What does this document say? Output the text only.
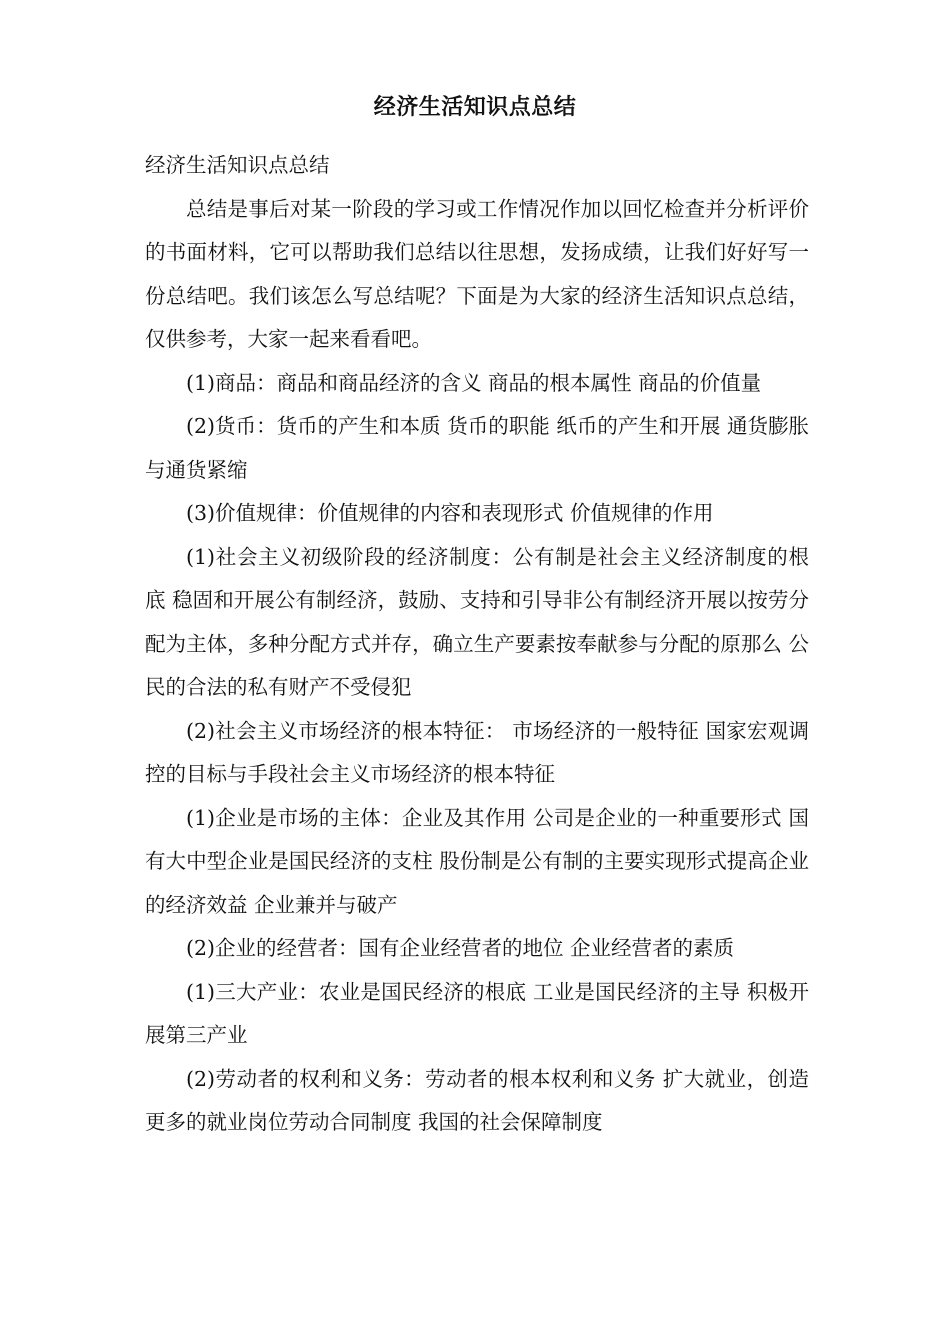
经济生活知识点总结

经济生活知识点总结

总结是事后对某一阶段的学习或工作情况作加以回忆检查并分析评价的书面材料，它可以帮助我们总结以往思想，发扬成绩，让我们好好写一份总结吧。我们该怎么写总结呢？下面是为大家的经济生活知识点总结，仅供参考，大家一起来看看吧。

(1)商品：商品和商品经济的含义 商品的根本属性 商品的价值量

(2)货币：货币的产生和本质 货币的职能 纸币的产生和开展 通货膨胀与通货紧缩

(3)价值规律：价值规律的内容和表现形式 价值规律的作用

(1)社会主义初级阶段的经济制度：公有制是社会主义经济制度的根底 稳固和开展公有制经济，鼓励、支持和引导非公有制经济开展以按劳分配为主体，多种分配方式并存，确立生产要素按奉献参与分配的原那么 公民的合法的私有财产不受侵犯

(2)社会主义市场经济的根本特征： 市场经济的一般特征 国家宏观调控的目标与手段社会主义市场经济的根本特征

(1)企业是市场的主体：企业及其作用 公司是企业的一种重要形式 国有大中型企业是国民经济的支柱 股份制是公有制的主要实现形式提高企业的经济效益 企业兼并与破产

(2)企业的经营者：国有企业经营者的地位 企业经营者的素质

(1)三大产业：农业是国民经济的根底 工业是国民经济的主导 积极开展第三产业

(2)劳动者的权利和义务：劳动者的根本权利和义务 扩大就业，创造更多的就业岗位劳动合同制度 我国的社会保障制度
